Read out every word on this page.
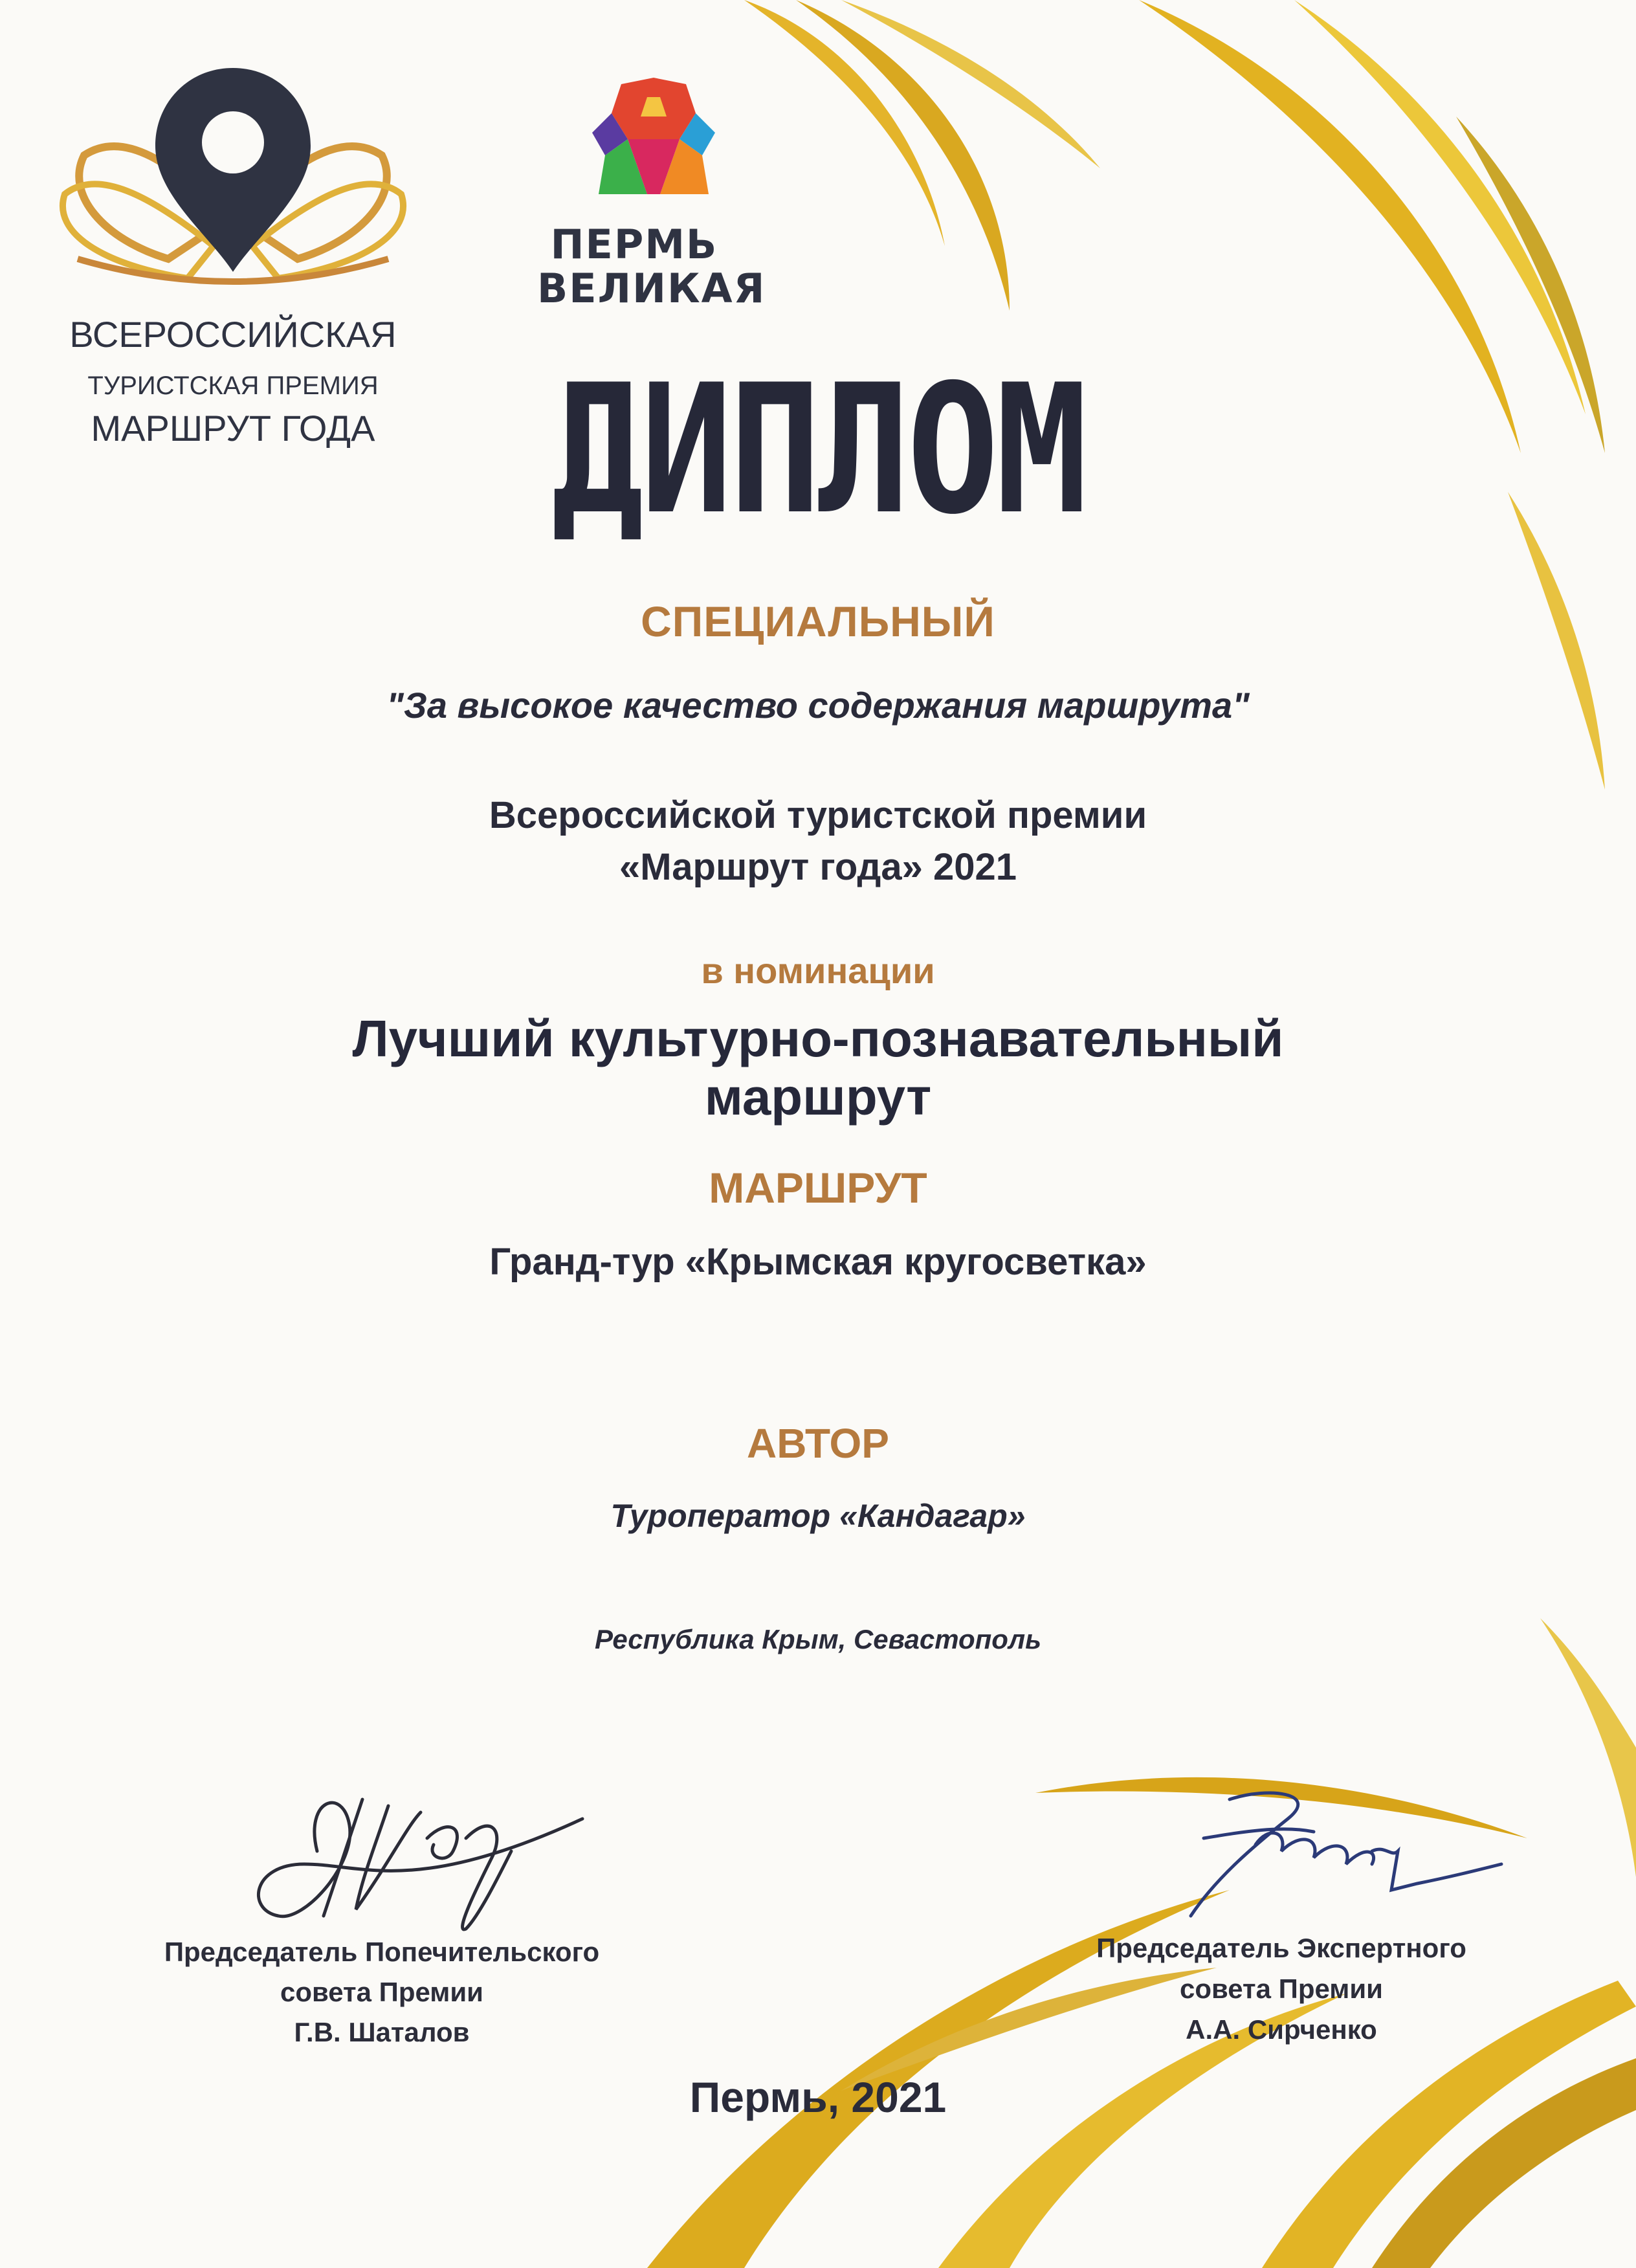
ВСЕРОССИЙСКАЯ
ТУРИСТСКАЯ ПРЕМИЯ
МАРШРУТ ГОДА
ПЕРМЬ
ВЕЛИКАЯ
ДИПЛОМ
СПЕЦИАЛЬНЫЙ
"За высокое качество содержания маршрута"
Всероссийской туристской премии
«Маршрут года» 2021
в номинации
Лучший культурно-познавательный
маршрут
МАРШРУТ
Гранд-тур «Крымская кругосветка»
АВТОР
Туроператор «Кандагар»
Республика Крым, Севастополь
Председатель Попечительского
совета Премии
Г.В. Шаталов
Председатель Экспертного
совета Премии
А.А. Сирченко
Пермь, 2021
